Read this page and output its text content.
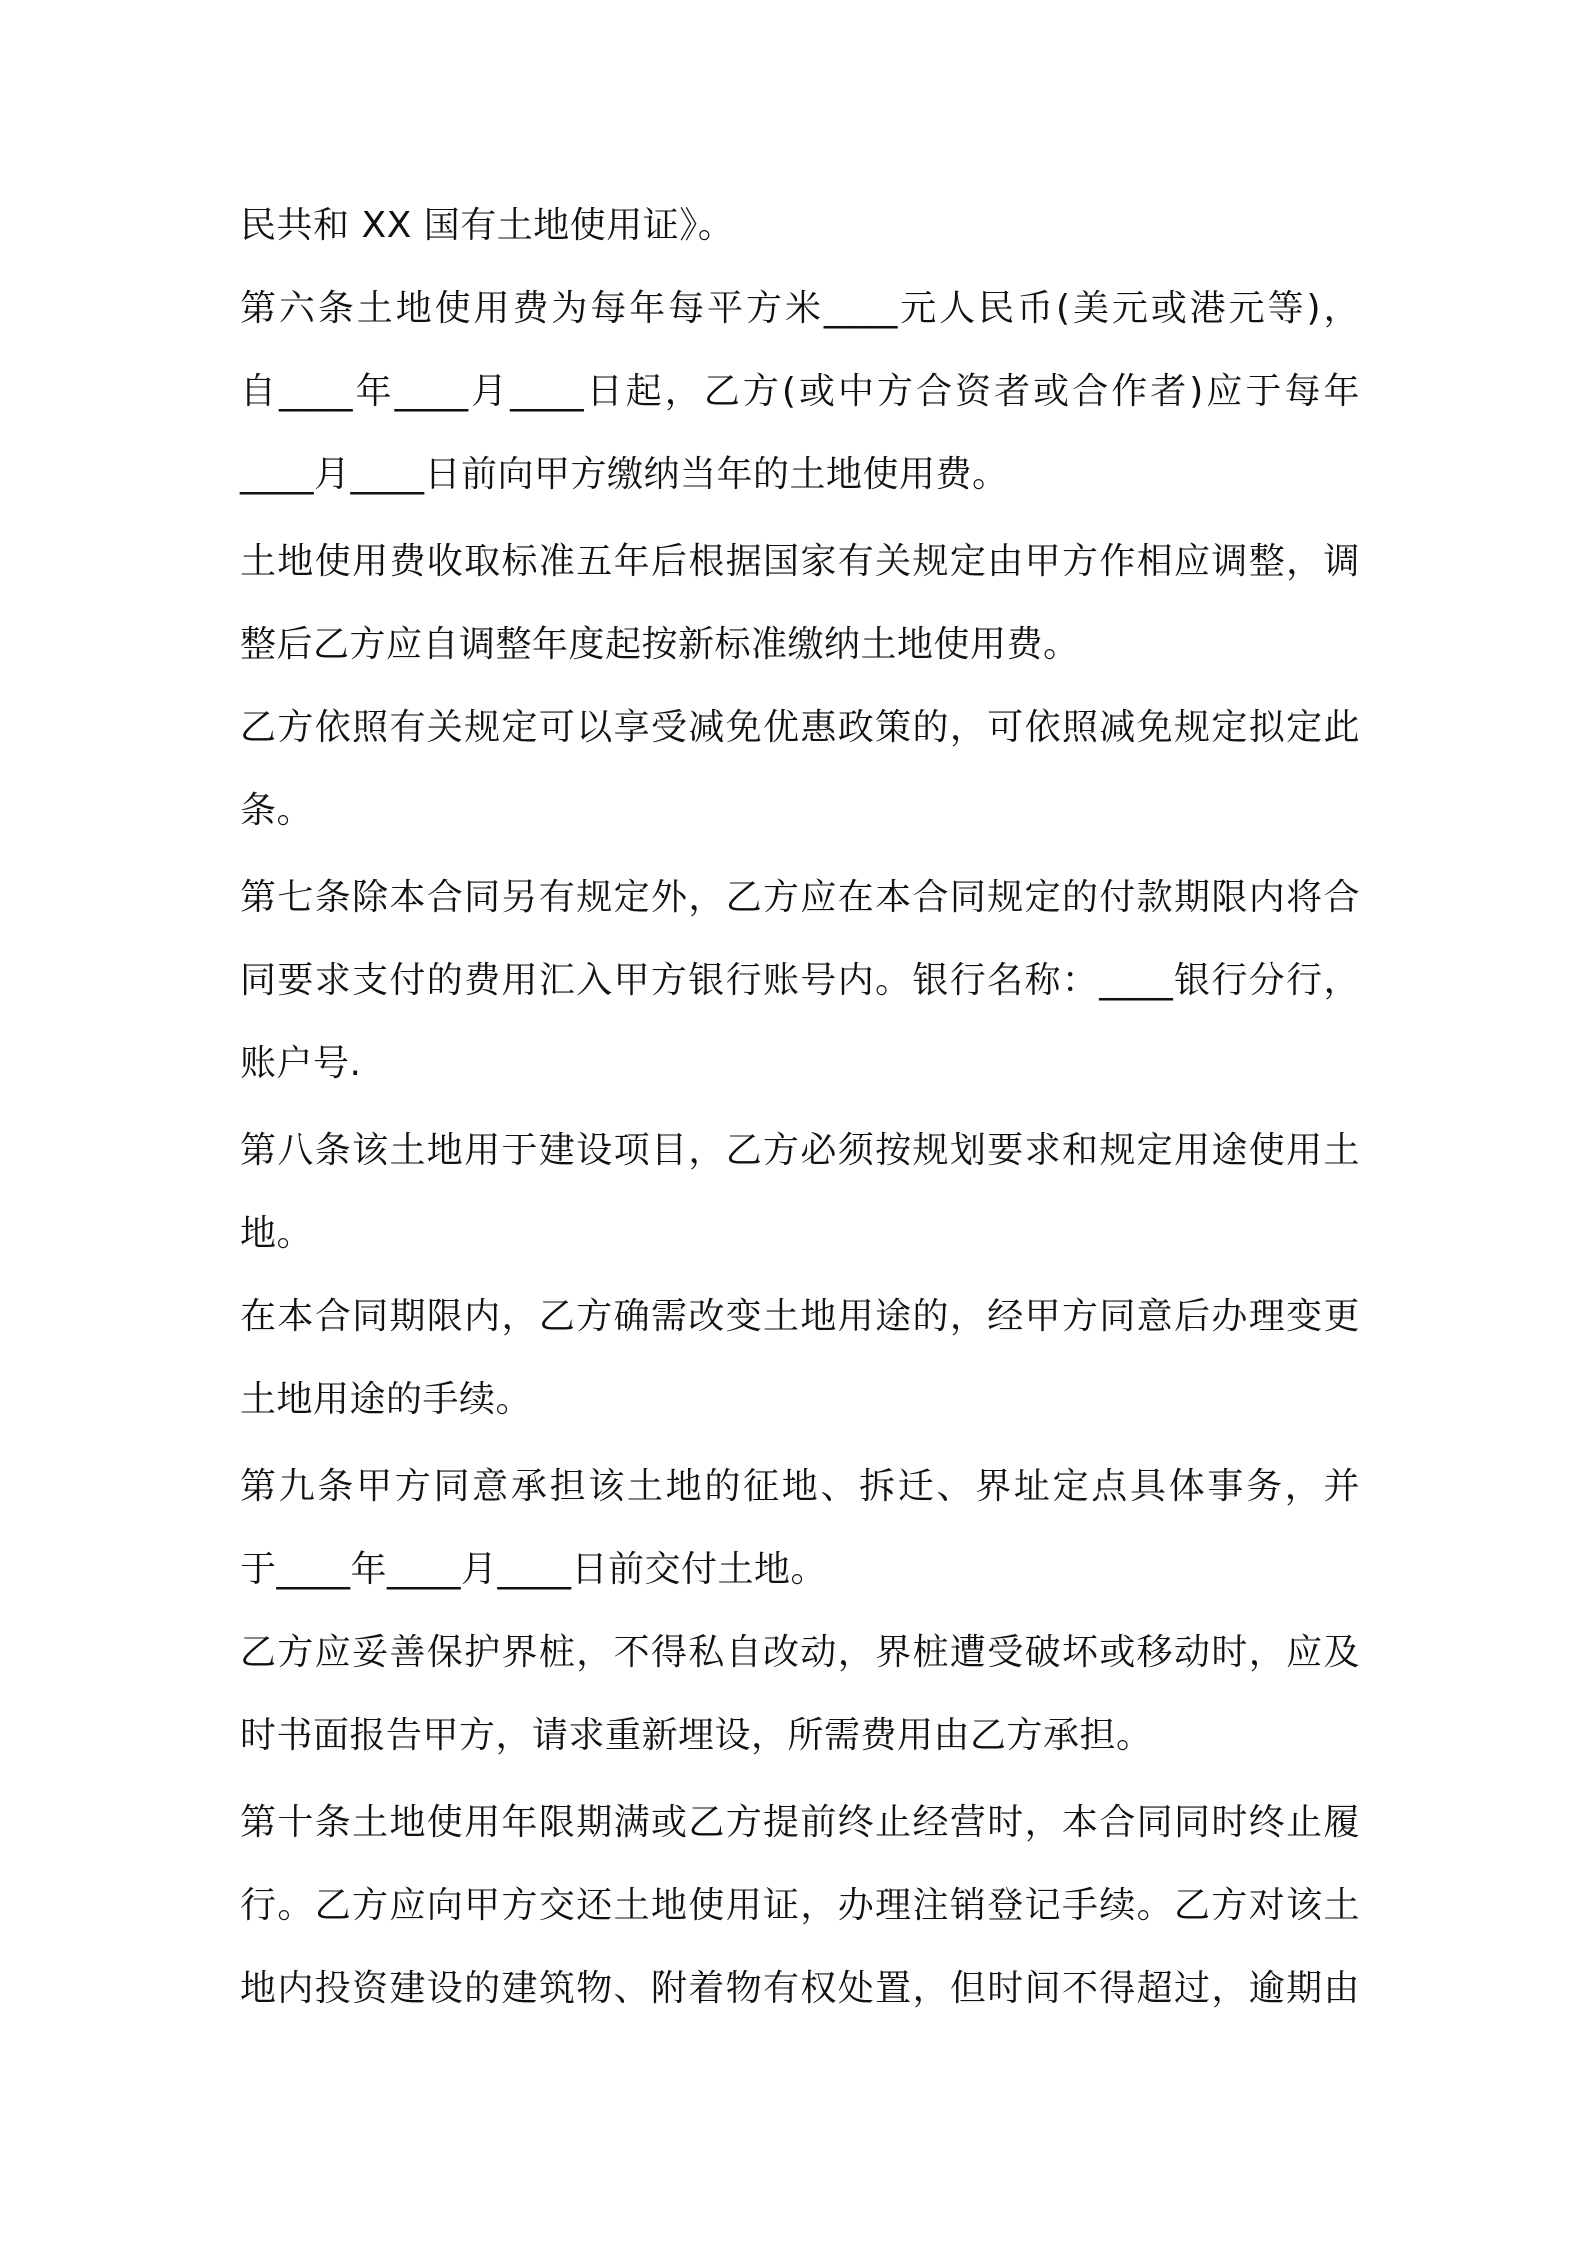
民共和 XX 国有土地使用证》。
第六条土地使用费为每年每平方米____元人民币(美元或港元等)，
自____年____月____日起，乙方(或中方合资者或合作者)应于每年
____月____日前向甲方缴纳当年的土地使用费。
土地使用费收取标准五年后根据国家有关规定由甲方作相应调整，调
整后乙方应自调整年度起按新标准缴纳土地使用费。
乙方依照有关规定可以享受减免优惠政策的，可依照减免规定拟定此
条。
第七条除本合同另有规定外，乙方应在本合同规定的付款期限内将合
同要求支付的费用汇入甲方银行账号内。银行名称：____银行分行，
账户号.
第八条该土地用于建设项目，乙方必须按规划要求和规定用途使用土
地。
在本合同期限内，乙方确需改变土地用途的，经甲方同意后办理变更
土地用途的手续。
第九条甲方同意承担该土地的征地、拆迁、界址定点具体事务，并
于____年____月____日前交付土地。
乙方应妥善保护界桩，不得私自改动，界桩遭受破坏或移动时，应及
时书面报告甲方，请求重新埋设，所需费用由乙方承担。
第十条土地使用年限期满或乙方提前终止经营时，本合同同时终止履
行。乙方应向甲方交还土地使用证，办理注销登记手续。乙方对该土
地内投资建设的建筑物、附着物有权处置，但时间不得超过，逾期由
